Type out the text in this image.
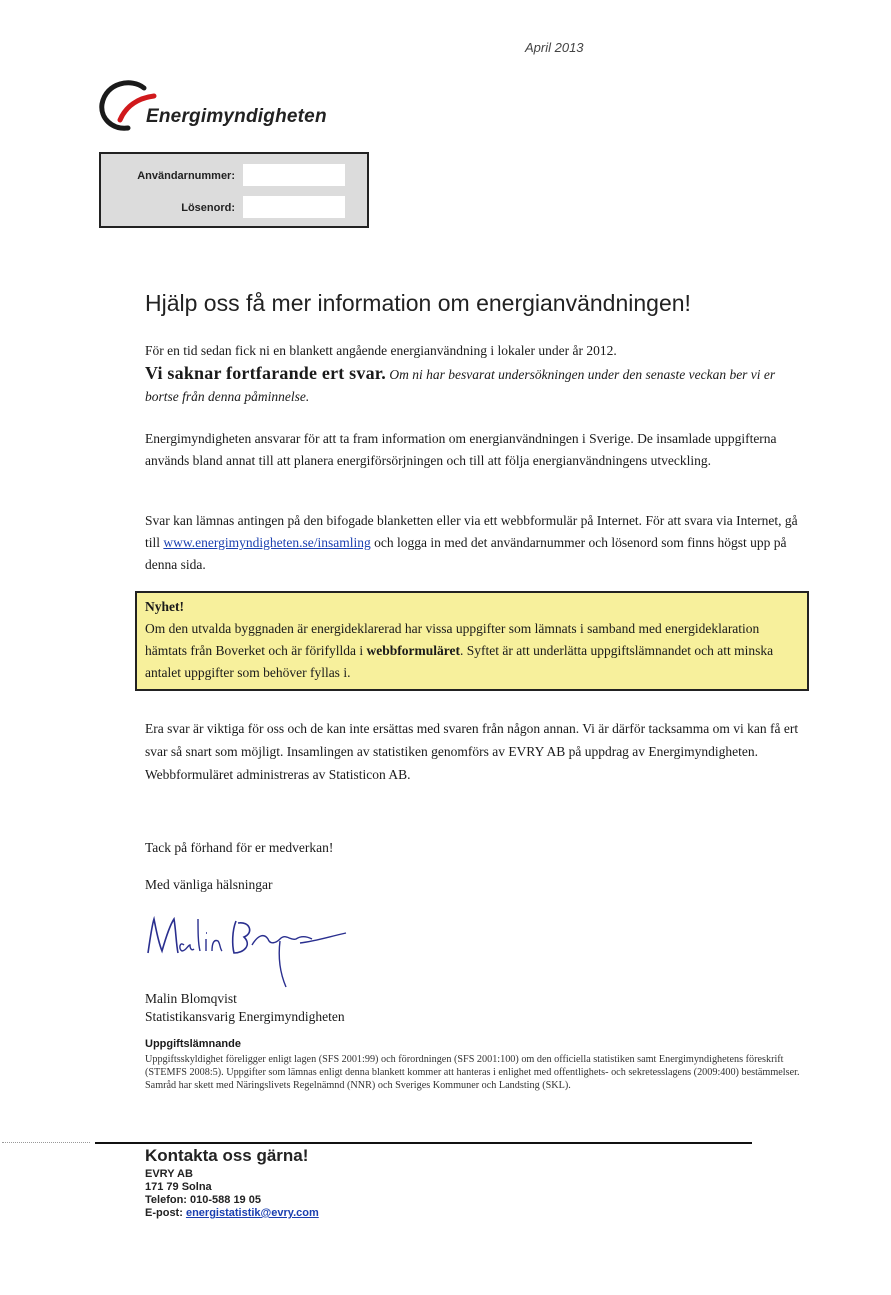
April 2013
Energimyndigheten
Användarnummer:
Lösenord:
Hjälp oss få mer information om energianvändningen!

För en tid sedan fick ni en blankett angående energianvändning i lokaler under år 2012.

Vi saknar fortfarande ert svar. Om ni har besvarat undersökningen under den senaste veckan ber vi er bortse från denna påminnelse.

Energimyndigheten ansvarar för att ta fram information om energianvändningen i Sverige. De insamlade uppgifterna används bland annat till att planera energiförsörjningen och till att följa energianvändningens utveckling.
Svar kan lämnas antingen på den bifogade blanketten eller via ett webbformulär på Internet. För att svara via Internet, gå till www.energimyndigheten.se/insamling och logga in med det användarnummer och lösenord som finns högst upp på denna sida.
Nyhet!
Om den utvalda byggnaden är energideklarerad har vissa uppgifter som lämnats i samband med energideklaration hämtats från Boverket och är förifyllda i webbformuläret. Syftet är att underlätta uppgiftslämnandet och att minska antalet uppgifter som behöver fyllas i.
Era svar är viktiga för oss och de kan inte ersättas med svaren från någon annan. Vi är därför tacksamma om vi kan få ert svar så snart som möjligt. Insamlingen av statistiken genomförs av EVRY AB på uppdrag av Energimyndigheten. Webbformuläret administreras av Statisticon AB.
Tack på förhand för er medverkan!
Med vänliga hälsningar
Malin Blomqvist
Statistikansvarig Energimyndigheten
Uppgiftslämnande
Uppgiftsskyldighet föreligger enligt lagen (SFS 2001:99) och förordningen (SFS 2001:100) om den officiella statistiken samt Energimyndighetens föreskrift (STEMFS 2008:5). Uppgifter som lämnas enligt denna blankett kommer att hanteras i enlighet med offentlighets- och sekretesslagens (2009:400) bestämmelser. Samråd har skett med Näringslivets Regelnämnd (NNR) och Sveriges Kommuner och Landsting (SKL).
Kontakta oss gärna!
EVRY AB
171 79 Solna
Telefon: 010-588 19 05
E-post: energistatistik@evry.com
